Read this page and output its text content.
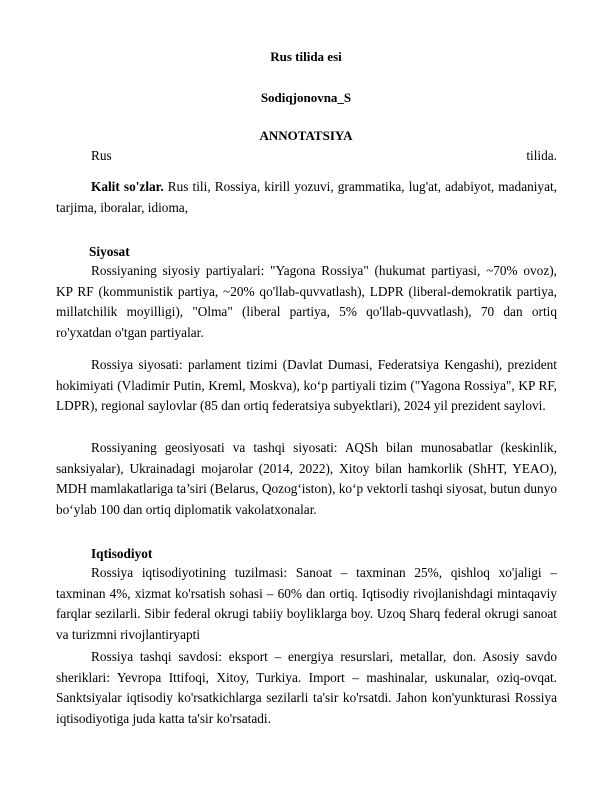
Rus tilida esi
Sodiqjonovna_S
ANNOTATSIYA
Rus	tilida.
Kalit so'zlar. Rus tili, Rossiya, kirill yozuvi, grammatika, lug'at, adabiyot, madaniyat, tarjima, iboralar, idioma,
Siyosat
Rossiyaning siyosiy partiyalari: "Yagona Rossiya" (hukumat partiyasi, ~70% ovoz), KP RF (kommunistik partiya, ~20% qo'llab-quvvatlash), LDPR (liberal-demokratik partiya, millatchilik moyilligi), "Olma" (liberal partiya, 5% qo'llab-quvvatlash), 70 dan ortiq ro'yxatdan o'tgan partiyalar.
Rossiya siyosati: parlament tizimi (Davlat Dumasi, Federatsiya Kengashi), prezident hokimiyati (Vladimir Putin, Kreml, Moskva), ko‘p partiyali tizim ("Yagona Rossiya", KP RF, LDPR), regional saylovlar (85 dan ortiq federatsiya subyektlari), 2024 yil prezident saylovi.
Rossiyaning geosiyosati va tashqi siyosati: AQSh bilan munosabatlar (keskinlik, sanksiyalar), Ukrainadagi mojarolar (2014, 2022), Xitoy bilan hamkorlik (ShHT, YEAO), MDH mamlakatlariga ta’siri (Belarus, Qozog‘iston), ko‘p vektorli tashqi siyosat, butun dunyo bo‘ylab 100 dan ortiq diplomatik vakolatxonalar.
Iqtisodiyot
Rossiya iqtisodiyotining tuzilmasi: Sanoat – taxminan 25%, qishloq xo'jaligi – taxminan 4%, xizmat ko'rsatish sohasi – 60% dan ortiq. Iqtisodiy rivojlanishdagi mintaqaviy farqlar sezilarli. Sibir federal okrugi tabiiy boyliklarga boy. Uzoq Sharq federal okrugi sanoat va turizmni rivojlantiryapti
Rossiya tashqi savdosi: eksport – energiya resurslari, metallar, don. Asosiy savdo sheriklari: Yevropa Ittifoqi, Xitoy, Turkiya. Import – mashinalar, uskunalar, oziq-ovqat. Sanktsiyalar iqtisodiy ko'rsatkichlarga sezilarli ta'sir ko'rsatdi. Jahon kon'yunkturasi Rossiya iqtisodiyotiga juda katta ta'sir ko'rsatadi.
